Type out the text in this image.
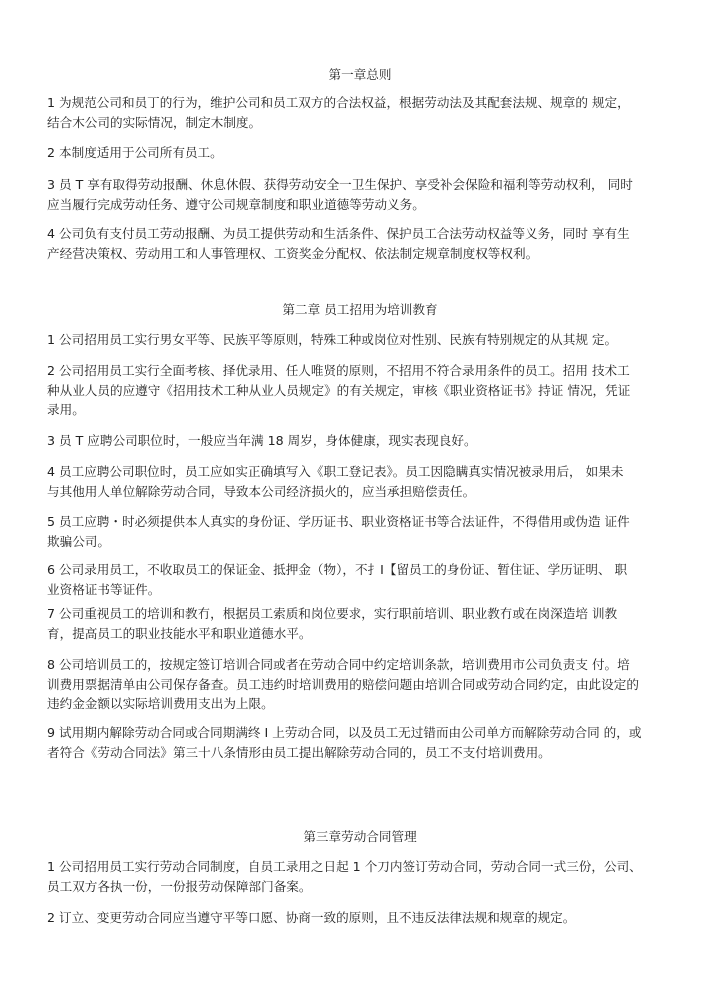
第一章总则
1 为规范公司和员丁的行为，维护公司和员工双方的合法权益，根据劳动法及其配套法规、规章的 规定，
结合木公司的实际情况，制定木制度。
2 本制度适用于公司所有员工。
3 员 T 享有取得劳动报酬、休息休假、获得劳动安全一卫生保护、享受补会保险和福利等劳动权利， 同时
应当履行完成劳动任务、遵守公司规章制度和职业道德等劳动义务。
4 公司负有支付员工劳动报酬、为员工提供劳动和生活条件、保护员工合法劳动权益等义务，同时 享有生
产经营决策权、劳动用工和人事管理权、工资奖金分配权、依法制定规章制度权等权利。
第二章 员工招用为培训教育
1 公司招用员工实行男女平等、民族平等原则，特殊工种或岗位对性别、民族有特别规定的从其规 定。
2 公司招用员工实行全面考核、择优录用、任人唯贤的原则，不招用不符合录用条件的员工。招用 技术工
种从业人员的应遵守《招用技术工种从业人员规定》的有关规定，审核《职业资格证书》持证 情况，凭证
录用。
3 员 T 应聘公司职位时，一般应当年满 18 周岁，身体健康，现实表现良好。
4 员工应聘公司职位时，员工应如实正确填写入《职工登记表》。员工因隐瞒真实情况被录用后， 如果未
与其他用人单位解除劳动合同，导致本公司经济损火的，应当承担赔偿责任。
5 员工应聘・时必须提供本人真实的身份证、学历证书、职业资格证书等合法证件，不得借用或伪造 证件
欺骗公司。
6 公司录用员工，不收取员工的保证金、抵押金（物），不扌I【留员工的身份证、暂住证、学历证明、 职
业资格证书等证件。
7 公司重视员工的培训和教冇，根据员工索质和岗位要求，实行职前培训、职业教冇或在岗深造培 训教
育，提高员工的职业技能水平和职业道德水平。
8 公司培训员工的，按规定签订培训合同或者在劳动合同中约定培训条款，培训费用市公司负责支 付。培
训费用票据清单由公司保存备查。员工违约时培训费用的赔偿问题由培训合同或劳动合同约定，由此设定的
违约金金额以实际培训费用支出为上限。
9 试用期内解除劳动合同或合同期满终 I 上劳动合同，以及员工无过错而由公司单方而解除劳动合同 的，或
者符合《劳动合同法》第三十八条情形由员工提出解除劳动合同的，员工不支付培训费用。
第三章劳动合同管理
1 公司招用员工实行劳动合同制度，自员工录用之日起 1 个刀内签订劳动合同，劳动合同一式三份，公司、
员工双方各执一份，一份报劳动保障部门备案。
2 订立、变更劳动合同应当遵守平等口愿、协商一致的原则，且不违反法律法规和规章的规定。
